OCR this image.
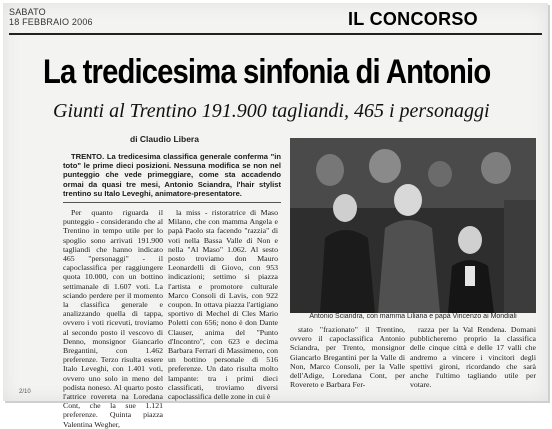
SABATO
18 FEBBRAIO 2006	IL CONCORSO
La tredicesima sinfonia di Antonio
Giunti al Trentino 191.900 tagliandi, 465 i personaggi
di Claudio Libera

TRENTO. La tredicesima classifica generale conferma "in toto" le prime dieci posizioni. Nessuna modifica se non nel punteggio che vede primeggiare, come sta accadendo ormai da quasi tre mesi, Antonio Sciandra, l'hair stylist trentino su Italo Leveghi, animatore-presentatore.

Per quanto riguarda il punteggio - considerando che al Trentino in tempo utile per lo spoglio sono arrivati 191.900 tagliandi che hanno indicato 465 "personaggi" - il capoclassifica per raggiungere quota 10.000, con un bottino settimanale di 1.607 voti. La sciando perdere per il momento la classifica generale e analizzando quella di tappa, ovvero i voti ricevuti, troviamo al secondo posto il vescovo di Denno, monsignor Giancarlo Bregantini, con 1.462 preferenze. Terzo risulta essere Italo Leveghi, con 1.401 voti, ovvero uno solo in meno del podista noneso. Al quarto posto l'attrice rovereta na Loredana Cont, che la sue 1.121 preferenze. Quinta piazza Valentina Wegher,

la miss - ristoratrice di Maso Milano, che con mamma Angela e papà Paolo sta facendo "razzia" di voti nella Bassa Valle di Non e nella "Al Maso" 1.062. Al sesto posto troviamo don Mauro Leonardelli di Giovo, con 953 indicazioni; settimo si piazza l'artista e promotore culturale Marco Consoli di Lavis, con 922 coupon. In ottava piazza l'artigiano sportivo di Mechel di Cles Mario Poletti con 656; nono è don Dante Clauser, anima del "Punto d'Incontro", con 623 e decima Barbara Ferrari di Massimeno, con un bottino personale di 516 preferenze. Un dato risulta molto lampante: tra i primi dieci classificati, troviamo diversi capoclassifica delle zone in cui è

Antonio Sciandra, con mamma Liliana e papà Vincenzo ai Mondiali

stato "frazionato" il Trentino, ovvero il capoclassifica Antonio Sciandra, per Trento, monsignor Giancarlo Bregantini per la Valle di Non, Marco Consoli, per la Valle dell'Adige, Loredana Cont, per Rovereto e Barbara Fer-

razza per la Val Rendena. Domani pubblicheremo proprio la classifica delle cinque città e delle 17 valli che andremo a vincere i vincitori degli spettivi gironi, ricordando che sarà anche l'ultimo tagliando utile per votare.

2/10
